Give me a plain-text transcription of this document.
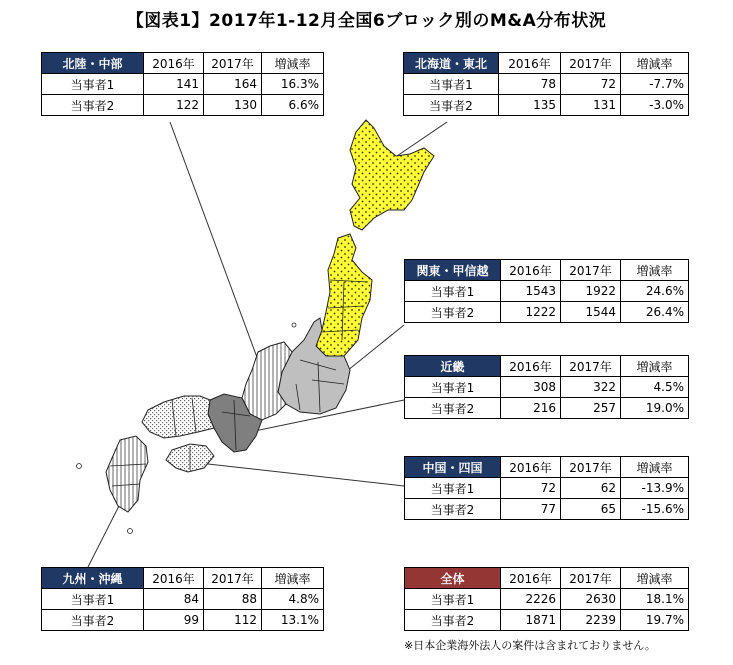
【図表1】2017年1-12月全国6ブロック別のM&A分布状況
北陸・中部	2016年	2017年	増減率
当事者1	141	164	16.3%
当事者2	122	130	6.6%
北海道・東北	2016年	2017年	増減率
当事者1	78	72	-7.7%
当事者2	135	131	-3.0%
関東・甲信越	2016年	2017年	増減率
当事者1	1543	1922	24.6%
当事者2	1222	1544	26.4%
近畿	2016年	2017年	増減率
当事者1	308	322	4.5%
当事者2	216	257	19.0%
中国・四国	2016年	2017年	増減率
当事者1	72	62	-13.9%
当事者2	77	65	-15.6%
九州・沖縄	2016年	2017年	増減率
当事者1	84	88	4.8%
当事者2	99	112	13.1%
全体	2016年	2017年	増減率
当事者1	2226	2630	18.1%
当事者2	1871	2239	19.7%
※日本企業海外法人の案件は含まれておりません。
